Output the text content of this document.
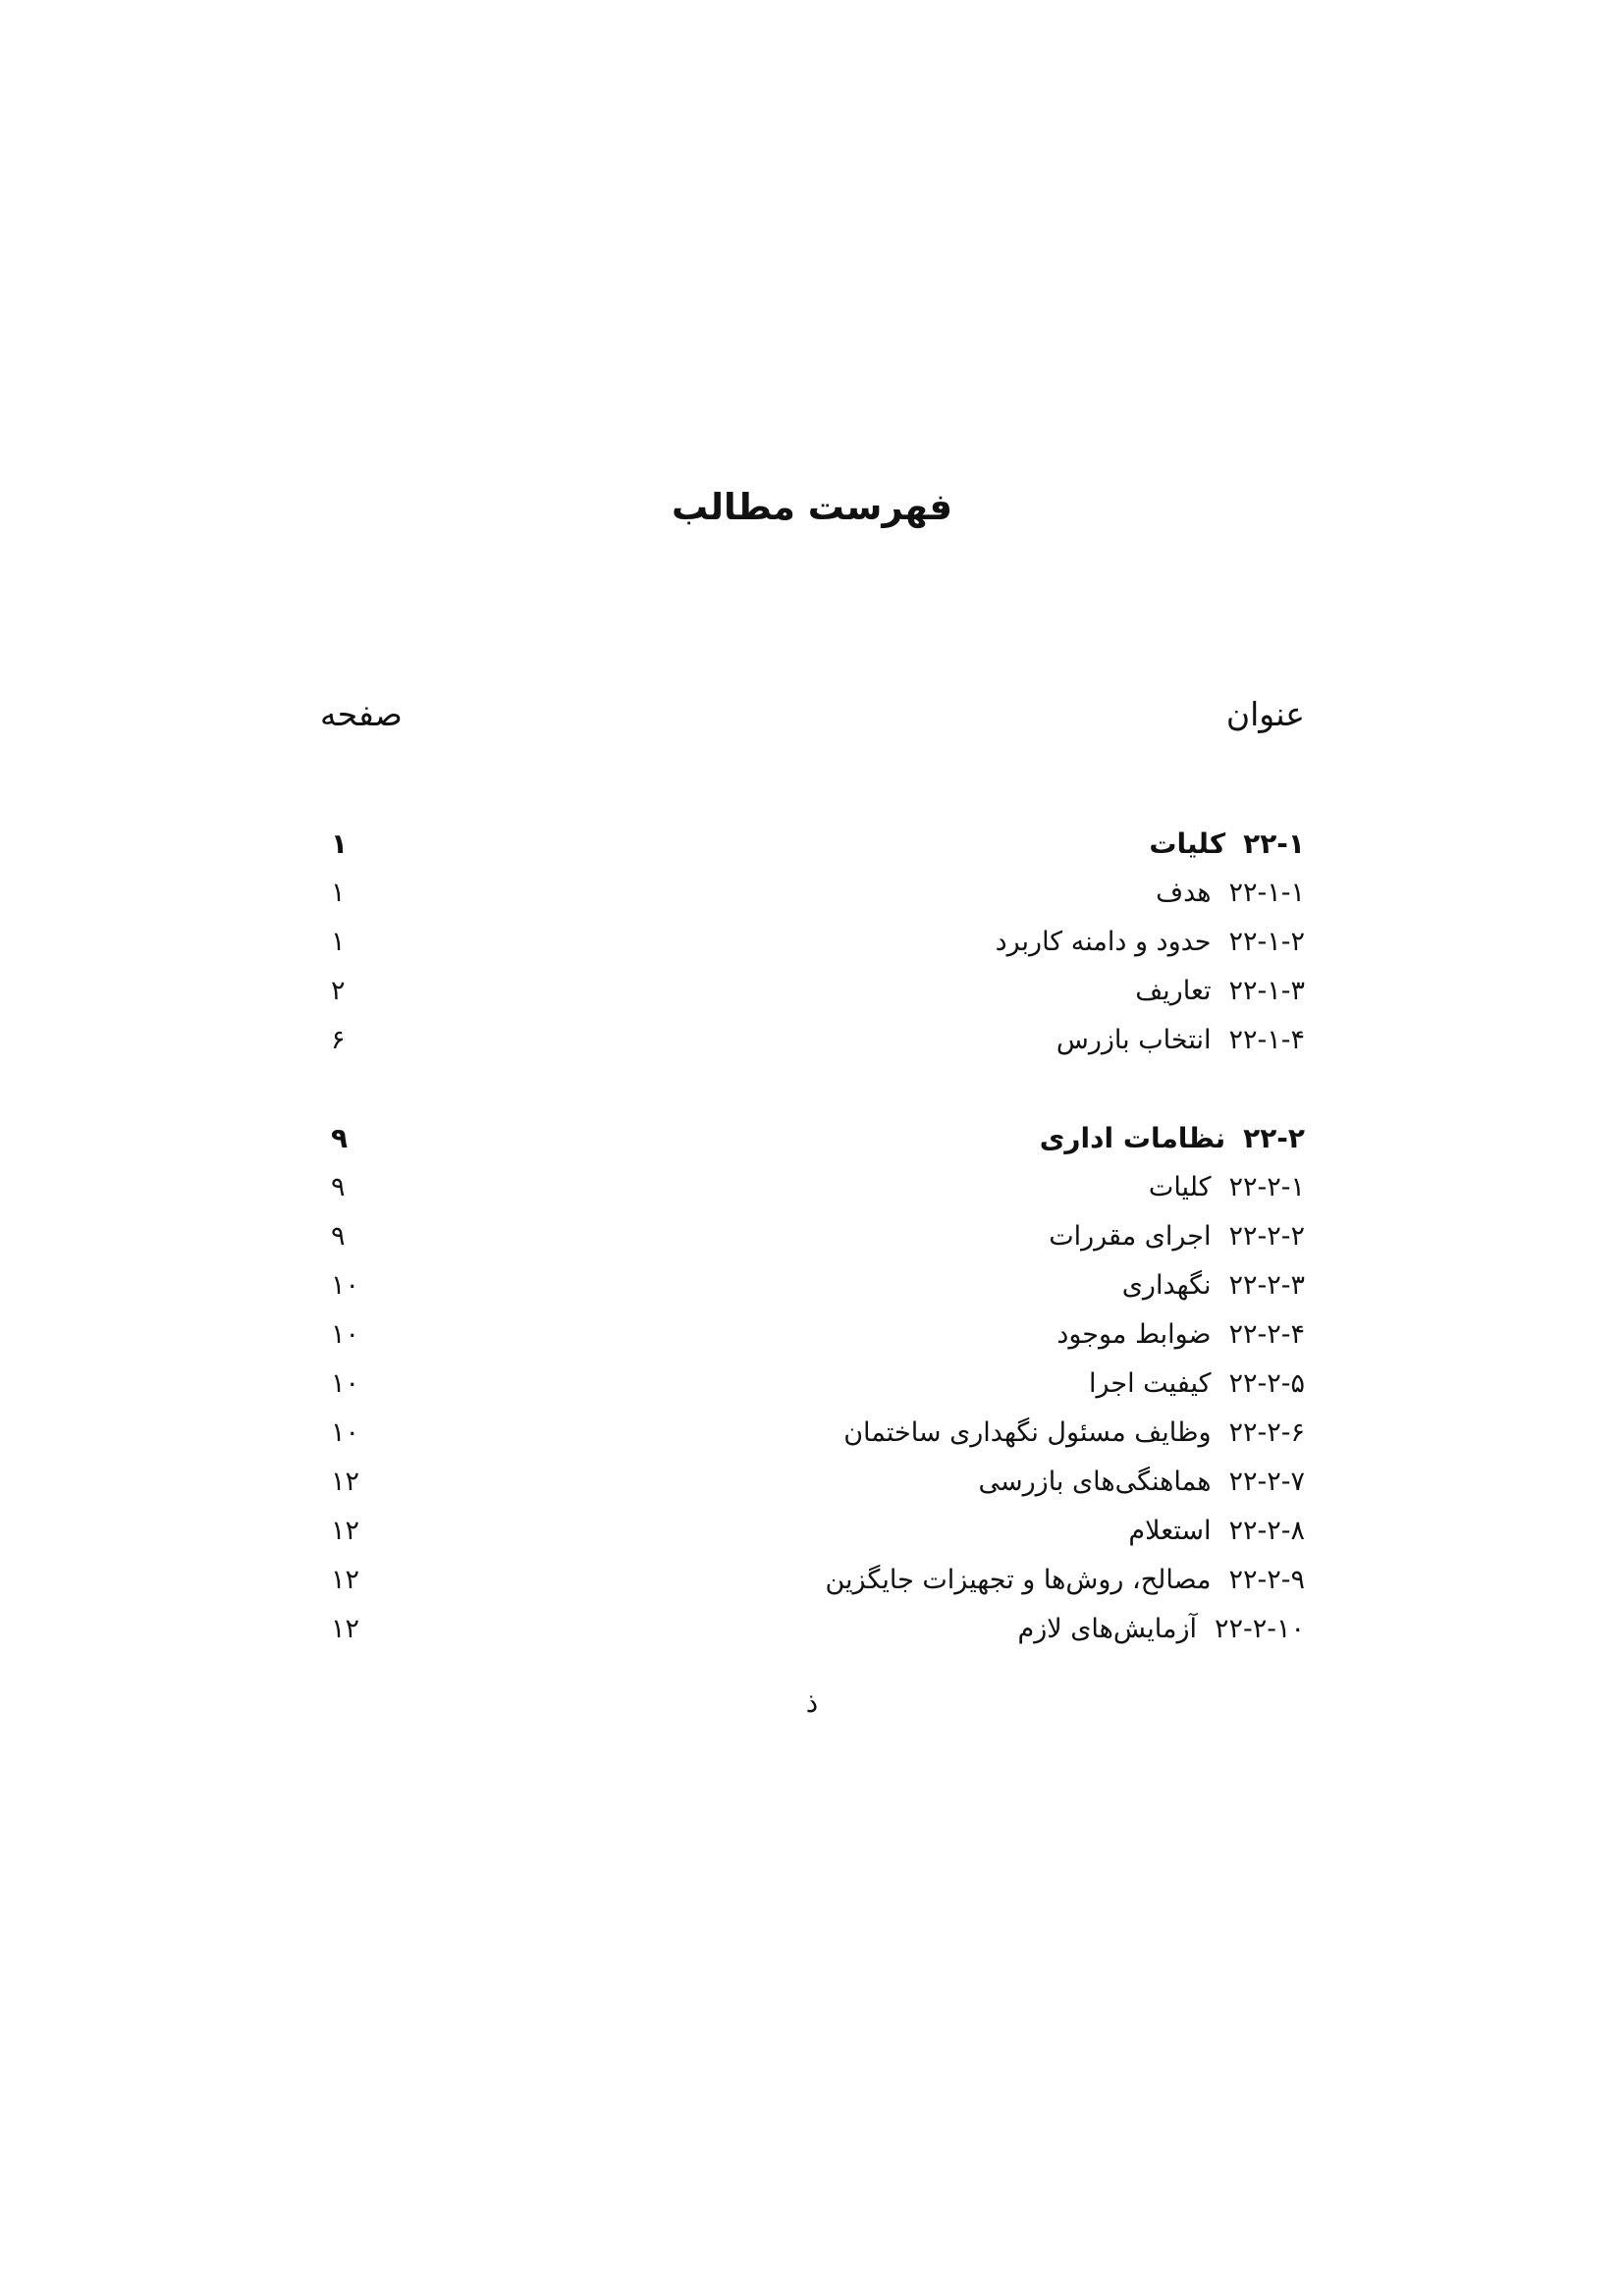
فهرست مطالب
عنوان
صفحه
۲۲-۱کلیات
۱
۲۲-۱-۱هدف
۱
۲۲-۱-۲حدود و دامنه کاربرد
۱
۲۲-۱-۳تعاریف
۲
۲۲-۱-۴انتخاب بازرس
۶
۲۲-۲نظامات اداری
۹
۲۲-۲-۱کلیات
۹
۲۲-۲-۲اجرای مقررات
۹
۲۲-۲-۳نگهداری
۱۰
۲۲-۲-۴ضوابط موجود
۱۰
۲۲-۲-۵کیفیت اجرا
۱۰
۲۲-۲-۶وظایف مسئول نگهداری ساختمان
۱۰
۲۲-۲-۷هماهنگی‌های بازرسی
۱۲
۲۲-۲-۸استعلام
۱۲
۲۲-۲-۹مصالح، روش‌ها و تجهیزات جایگزین
۱۲
۲۲-۲-۱۰آزمایش‌های لازم
۱۲
ذ
